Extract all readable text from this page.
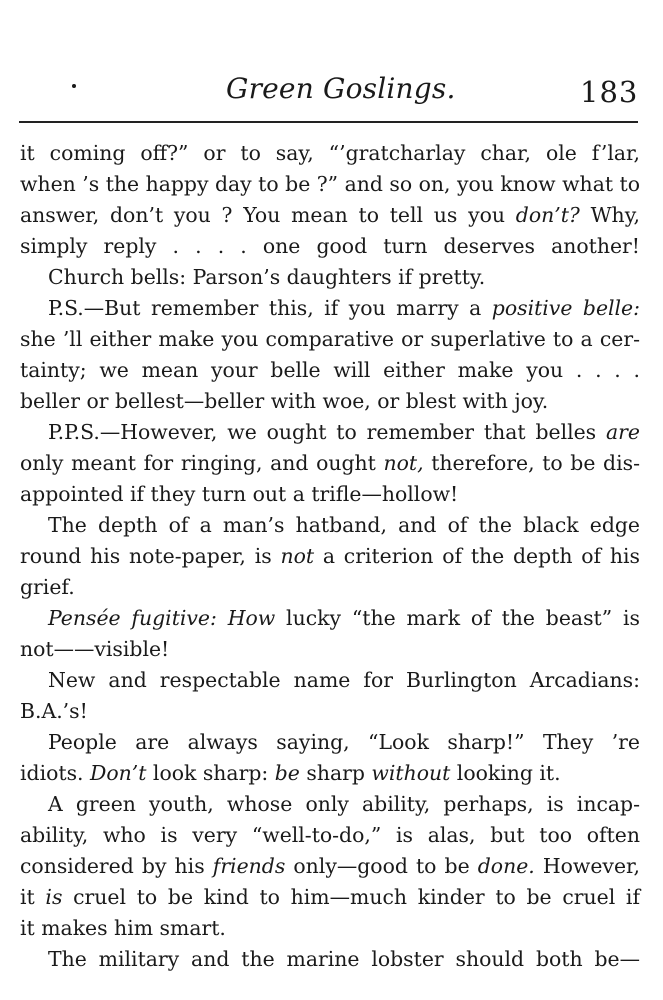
Green Goslings.	183
it coming off?” or to say, “’gratcharlay char, ole f’lar,
when ’s the happy day to be ?” and so on, you know what to
answer, don’t you ? You mean to tell us you don’t? Why,
simply reply . . . . one good turn deserves another!
Church bells: Parson’s daughters if pretty.
P.S.—But remember this, if you marry a positive belle:
she ’ll either make you comparative or superlative to a cer-
tainty; we mean your belle will either make you . . . .
beller or bellest—beller with woe, or blest with joy.
P.P.S.—However, we ought to remember that belles are
only meant for ringing, and ought not, therefore, to be dis-
appointed if they turn out a trifle—hollow!
The depth of a man’s hatband, and of the black edge
round his note-paper, is not a criterion of the depth of his
grief.
Pensée fugitive: How lucky “the mark of the beast” is
not——visible!
New and respectable name for Burlington Arcadians:
B.A.’s!
People are always saying, “Look sharp!” They ’re
idiots. Don’t look sharp: be sharp without looking it.
A green youth, whose only ability, perhaps, is incap-
ability, who is very “well-to-do,” is alas, but too often
considered by his friends only—good to be done. However,
it is cruel to be kind to him—much kinder to be cruel if
it makes him smart.
The military and the marine lobster should both be—
